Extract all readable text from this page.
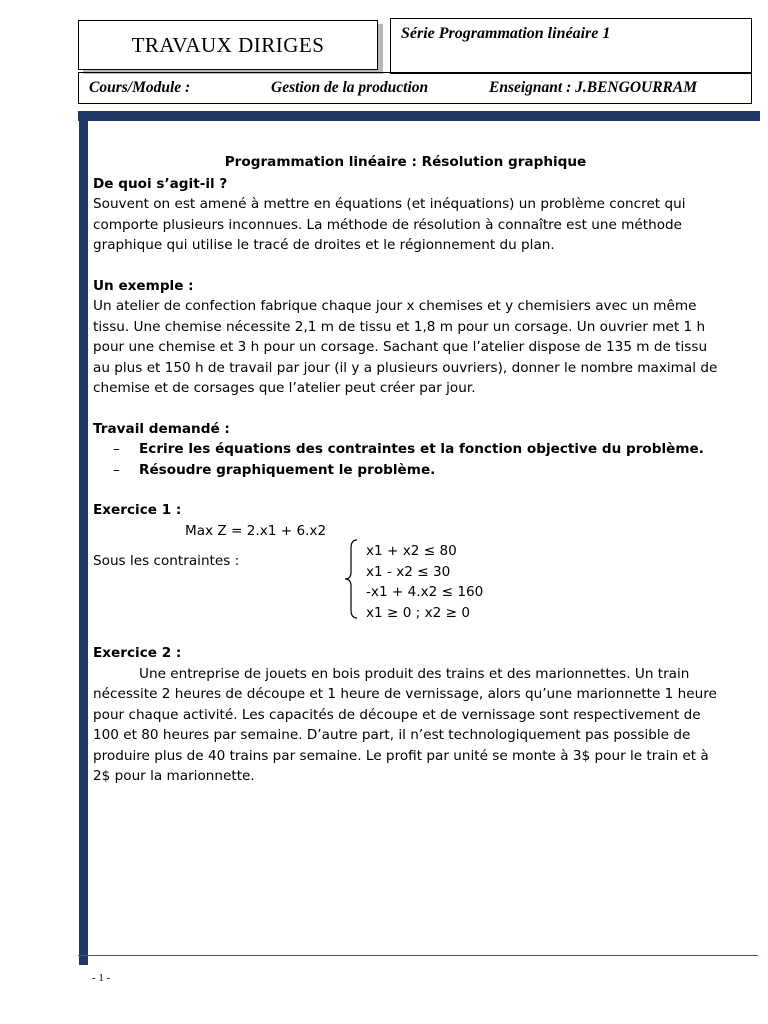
TRAVAUX DIRIGES	Série Programmation linéaire 1
Cours/Module :	Gestion de la production	Enseignant : J.BENGOURRAM

Programmation linéaire : Résolution graphique

De quoi s’agit-il ?

Souvent on est amené à mettre en équations (et inéquations) un problème concret qui comporte plusieurs inconnues. La méthode de résolution à connaître est une méthode graphique qui utilise le tracé de droites et le régionnement du plan.

Un exemple :

Un atelier de confection fabrique chaque jour x chemises et y chemisiers avec un même tissu. Une chemise nécessite 2,1 m de tissu et 1,8 m pour un corsage. Un ouvrier met 1 h pour une chemise et 3 h pour un corsage. Sachant que l’atelier dispose de 135 m de tissu au plus et 150 h de travail par jour (il y a plusieurs ouvriers), donner le nombre maximal de chemise et de corsages que l’atelier peut créer par jour.

Travail demandé :

– Ecrire les équations des contraintes et la fonction objective du problème.
– Résoudre graphiquement le problème.

Exercice 1 :

Max Z = 2.x1 + 6.x2

Sous les contraintes :
x1 + x2 ≤ 80
x1 - x2 ≤ 30
-x1 + 4.x2 ≤ 160
x1 ≥ 0 ; x2 ≥ 0

Exercice 2 :

Une entreprise de jouets en bois produit des trains et des marionnettes. Un train nécessite 2 heures de découpe et 1 heure de vernissage, alors qu’une marionnette 1 heure pour chaque activité. Les capacités de découpe et de vernissage sont respectivement de 100 et 80 heures par semaine. D’autre part, il n’est technologiquement pas possible de produire plus de 40 trains par semaine. Le profit par unité se monte à 3$ pour le train et à 2$ pour la marionnette.

- 1 -
